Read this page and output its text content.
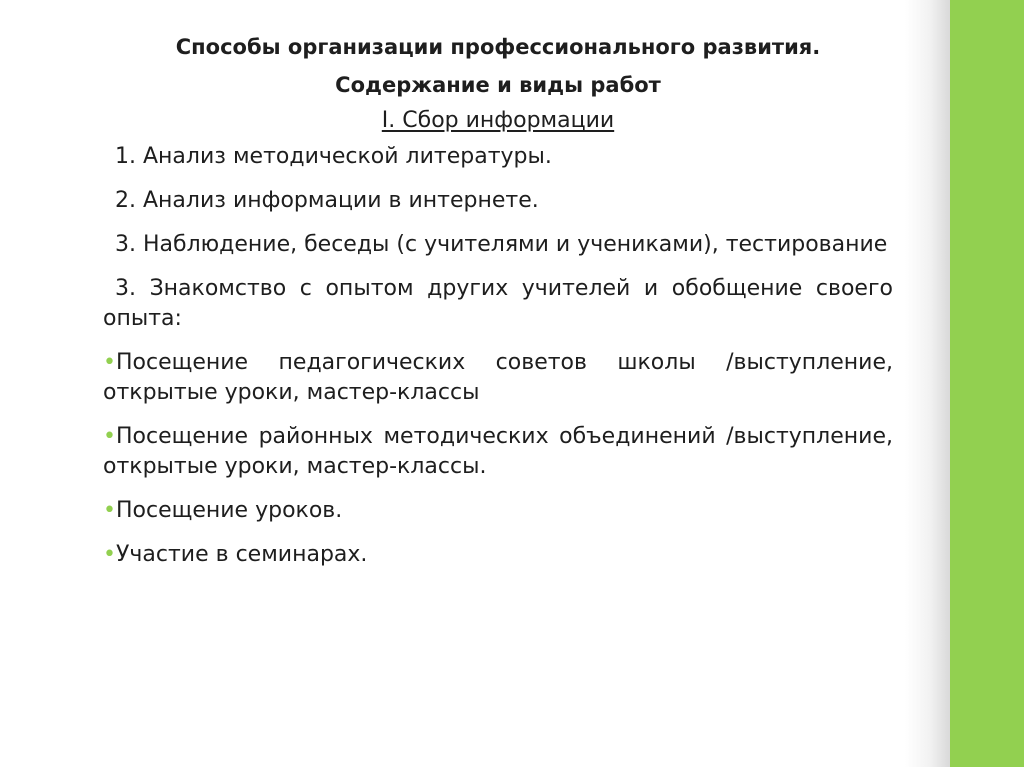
Способы организации профессионального развития.
Содержание и виды работ

I. Сбор информации

1. Анализ методической литературы.

2. Анализ информации в интернете.

3. Наблюдение, беседы (с учителями и учениками), тестирование

3. Знакомство с опытом других учителей и обобщение своего опыта:

•Посещение педагогических советов школы /выступление, открытые уроки, мастер-классы

•Посещение районных методических объединений /выступление, открытые уроки, мастер-классы.

•Посещение уроков.

•Участие в семинарах.
